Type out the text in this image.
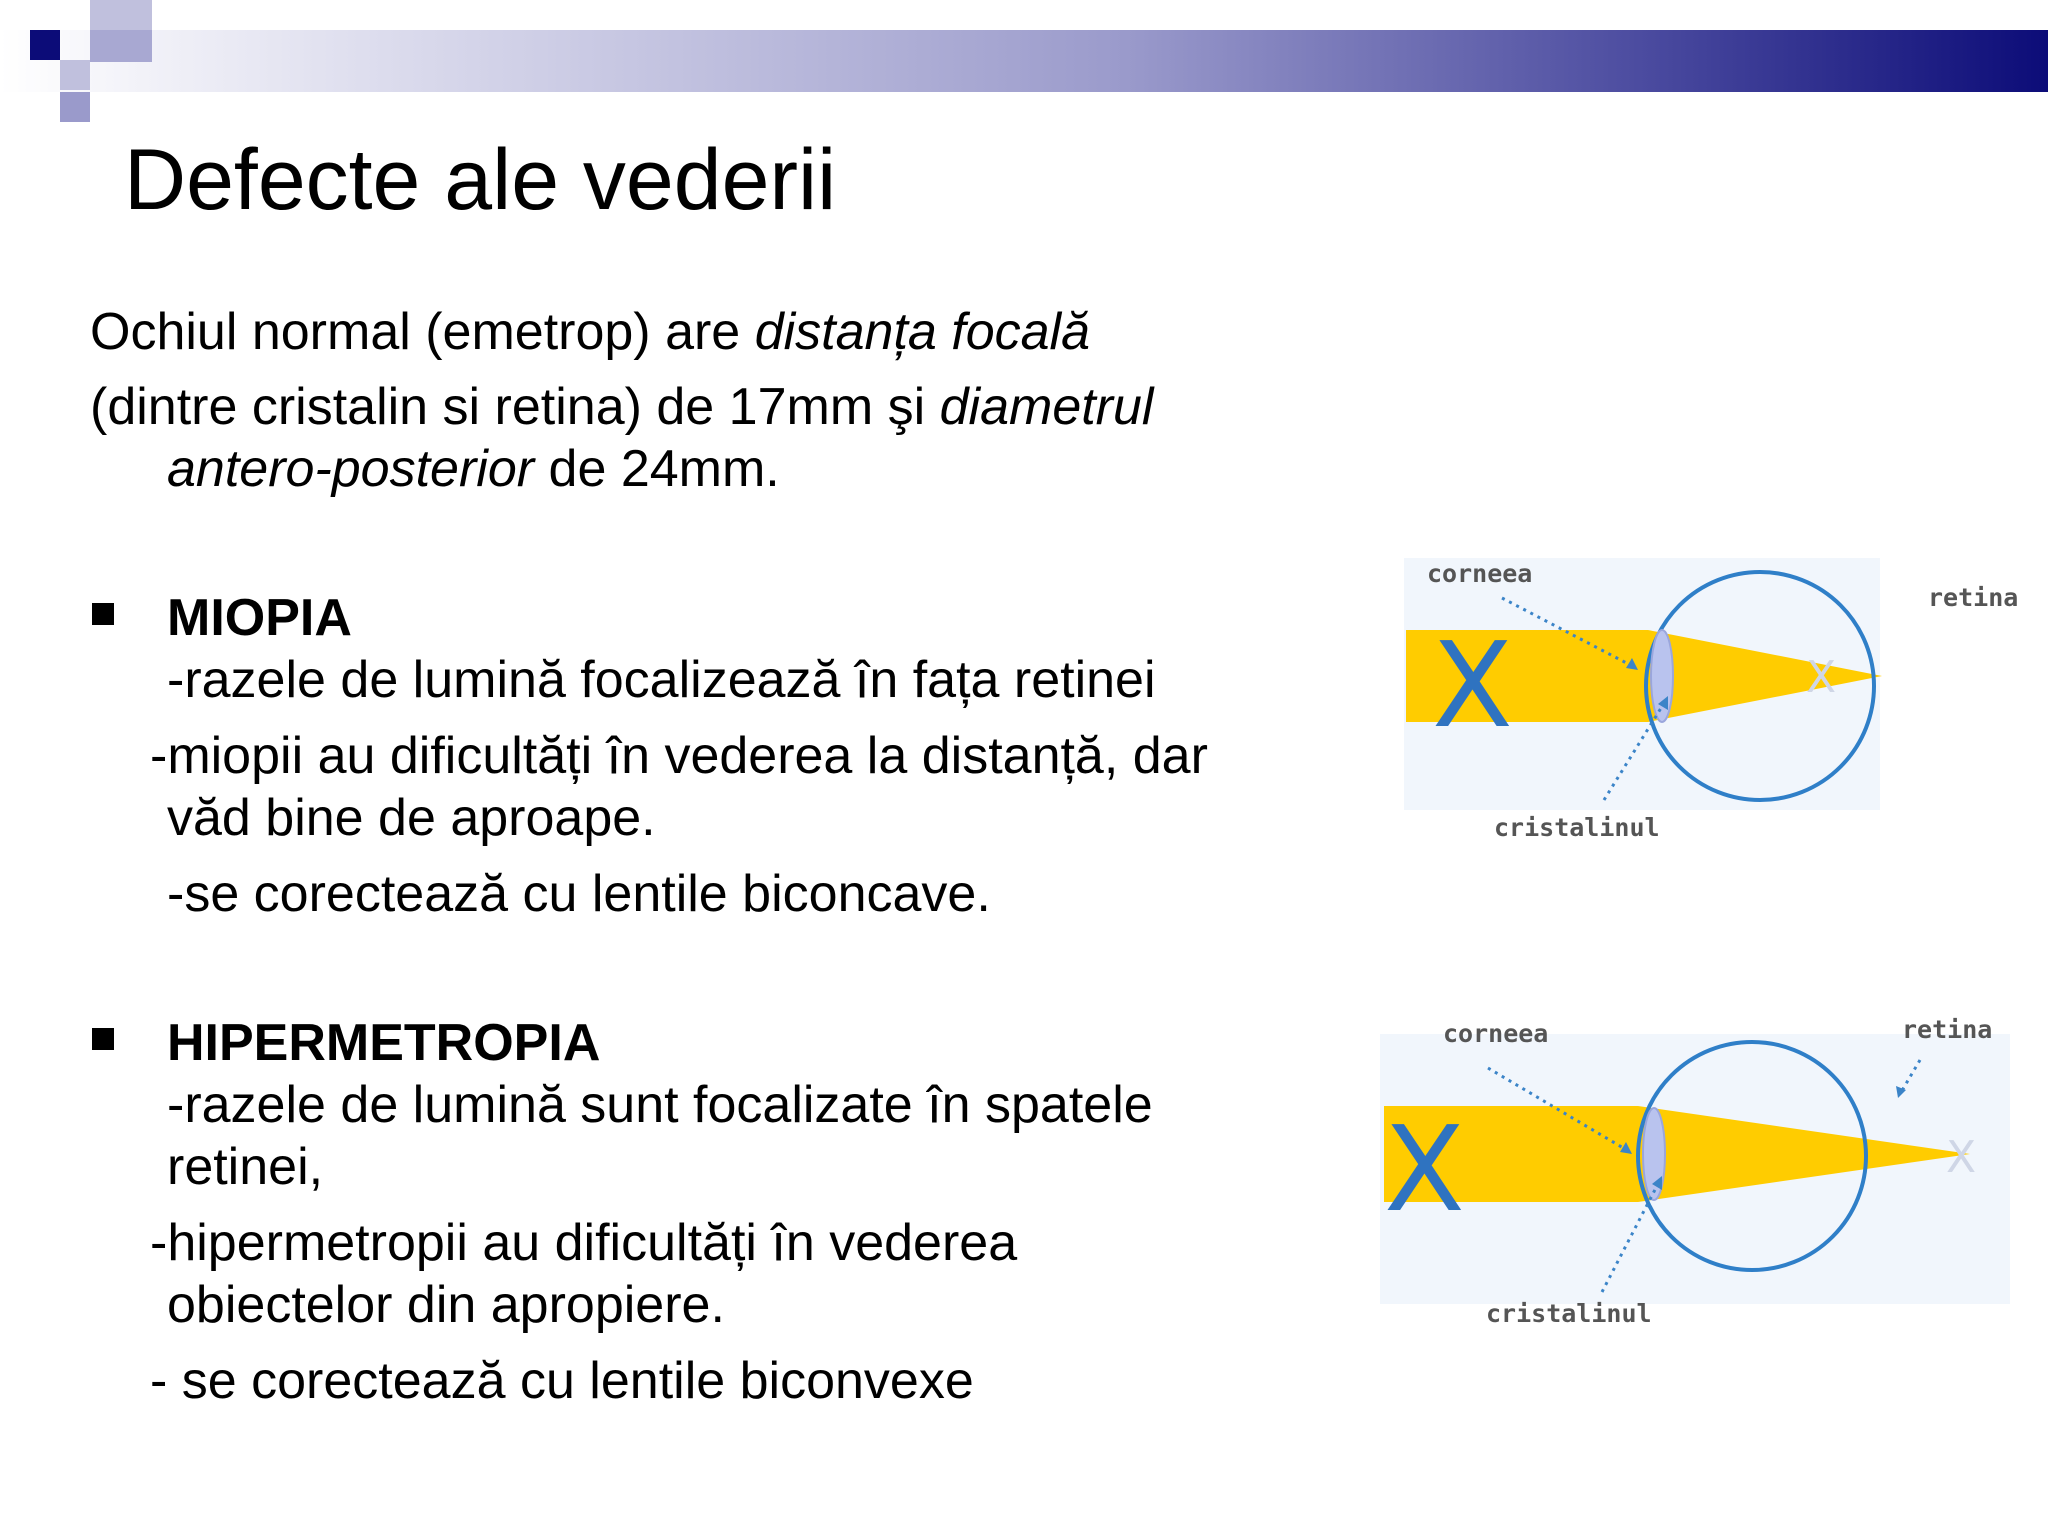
Defecte ale vederii
Ochiul normal (emetrop) are distanța focală
(dintre cristalin si retina) de 17mm şi diametrul
antero-posterior de 24mm.
MIOPIA
-razele de lumină focalizează în fața retinei
-miopii au dificultăți în vederea la distanță, dar
văd bine de aproape.
-se corectează cu lentile biconcave.
HIPERMETROPIA
-razele de lumină sunt focalizate în spatele
retinei,
-hipermetropii au dificultăți în vederea
obiectelor din apropiere.
- se corectează cu lentile biconvexe
X	X
corneea
retina
cristalinul
X	X
corneea	retina
cristalinul
